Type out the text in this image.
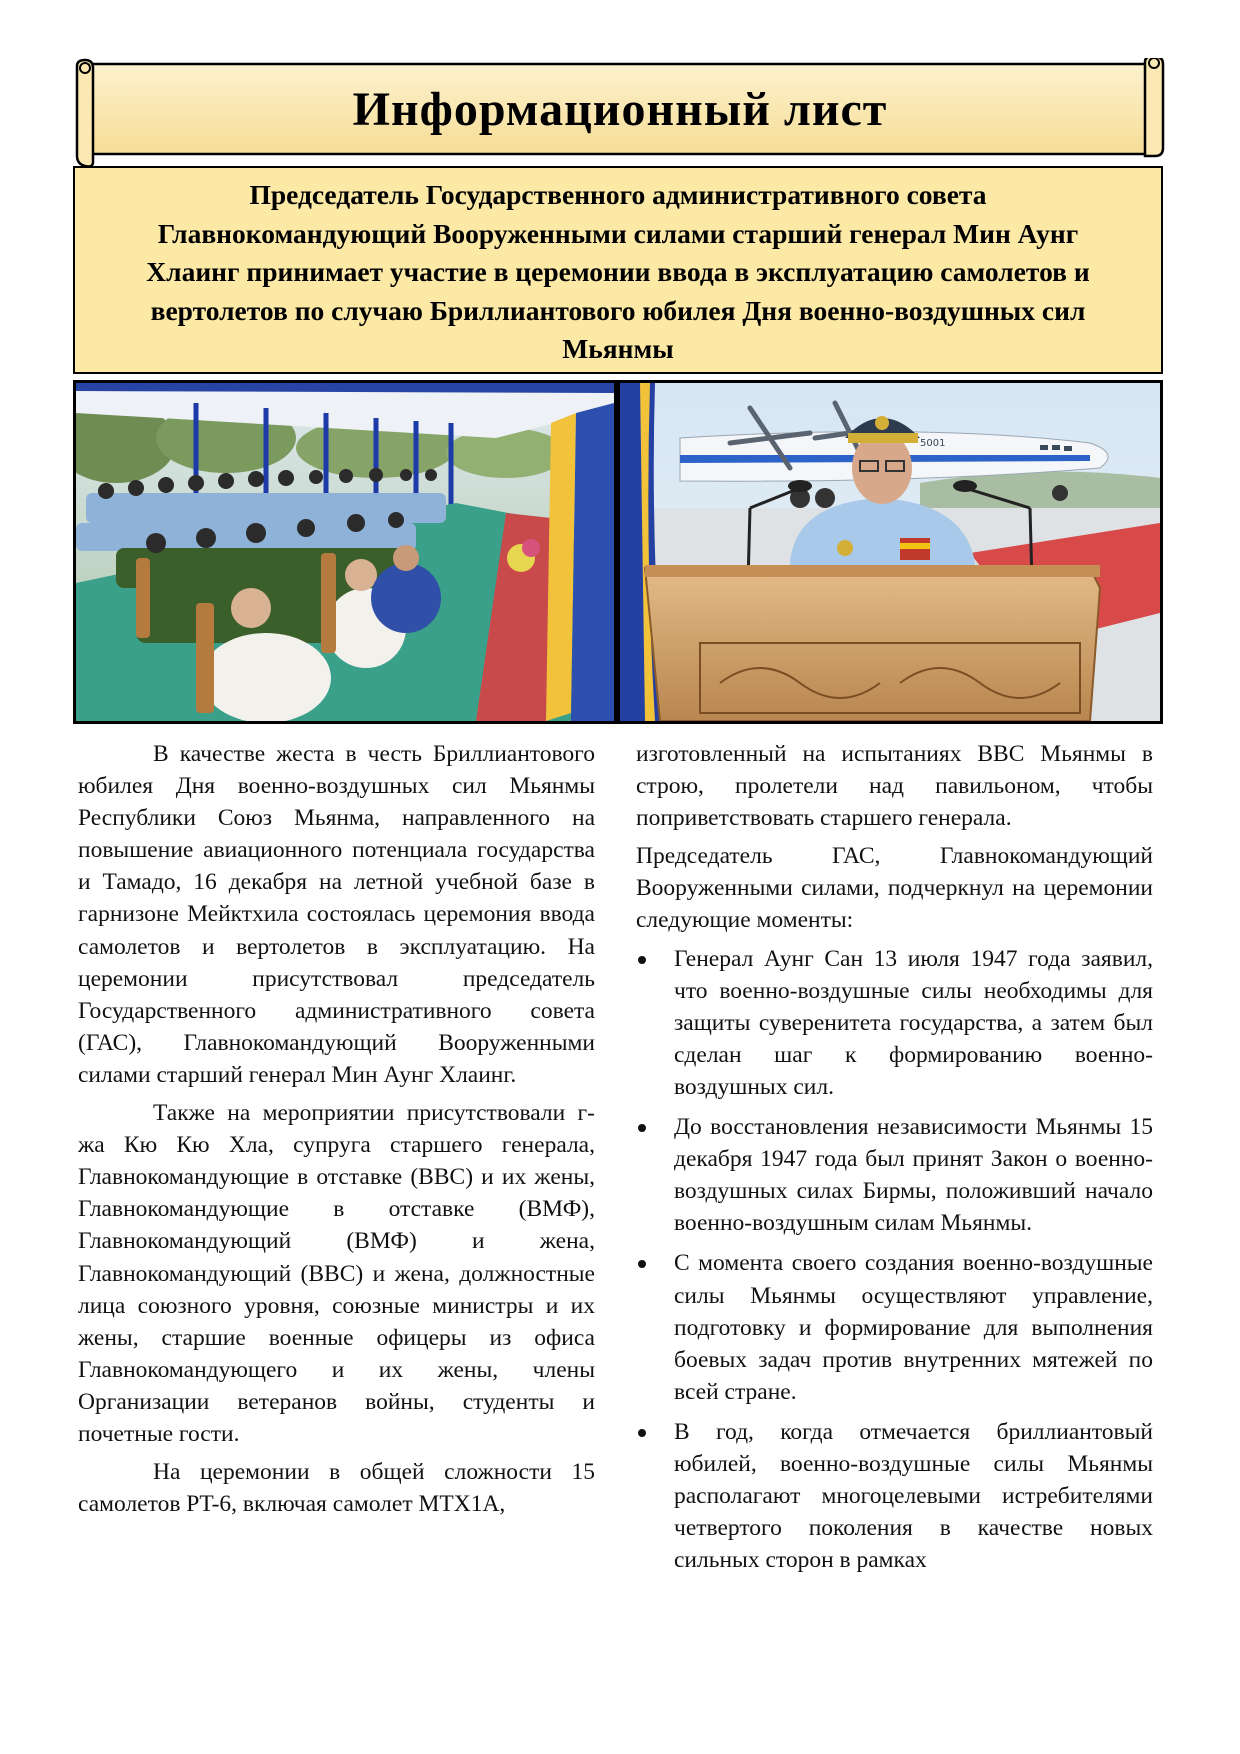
Информационный лист
Председатель Государственного административного совета
Главнокомандующий Вооруженными силами старший генерал Мин Аунг
Хлаинг принимает участие в церемонии ввода в эксплуатацию самолетов и
вертолетов по случаю Бриллиантового юбилея Дня военно-воздушных сил
Мьянмы
5001

В качестве жеста в честь Бриллиантового юбилея Дня военно-воздушных сил Мьянмы Республики Союз Мьянма, направленного на повышение авиационного потенциала государства и Тамадо, 16 декабря на летной учебной базе в гарнизоне Мейктхила состоялась церемония ввода самолетов и вертолетов в эксплуатацию. На церемонии присутствовал председатель Государственного административного совета (ГАС), Главнокомандующий Вооруженными силами старший генерал Мин Аунг Хлаинг.

Также на мероприятии присутствовали г-жа Кю Кю Хла, супруга старшего генерала, Главнокомандующие в отставке (ВВС) и их жены, Главнокомандующие в отставке (ВМФ), Главнокомандующий (ВМФ) и жена, Главнокомандующий (ВВС) и жена, должностные лица союзного уровня, союзные министры и их жены, старшие военные офицеры из офиса Главнокомандующего и их жены, члены Организации ветеранов войны, студенты и почетные гости.

На церемонии в общей сложности 15 самолетов PT-6, включая самолет MTX1A,

изготовленный на испытаниях ВВС Мьянмы в строю, пролетели над павильоном, чтобы поприветствовать старшего генерала.

Председатель ГАС, Главнокомандующий Вооруженными силами, подчеркнул на церемонии следующие моменты:

Генерал Аунг Сан 13 июля 1947 года заявил, что военно-воздушные силы необходимы для защиты суверенитета государства, а затем был сделан шаг к формированию военно-воздушных сил.
До восстановления независимости Мьянмы 15 декабря 1947 года был принят Закон о военно-воздушных силах Бирмы, положивший начало военно-воздушным силам Мьянмы.
С момента своего создания военно-воздушные силы Мьянмы осуществляют управление, подготовку и формирование для выполнения боевых задач против внутренних мятежей по всей стране.
В год, когда отмечается бриллиантовый юбилей, военно-воздушные силы Мьянмы располагают многоцелевыми истребителями четвертого поколения в качестве новых сильных сторон в рамках
